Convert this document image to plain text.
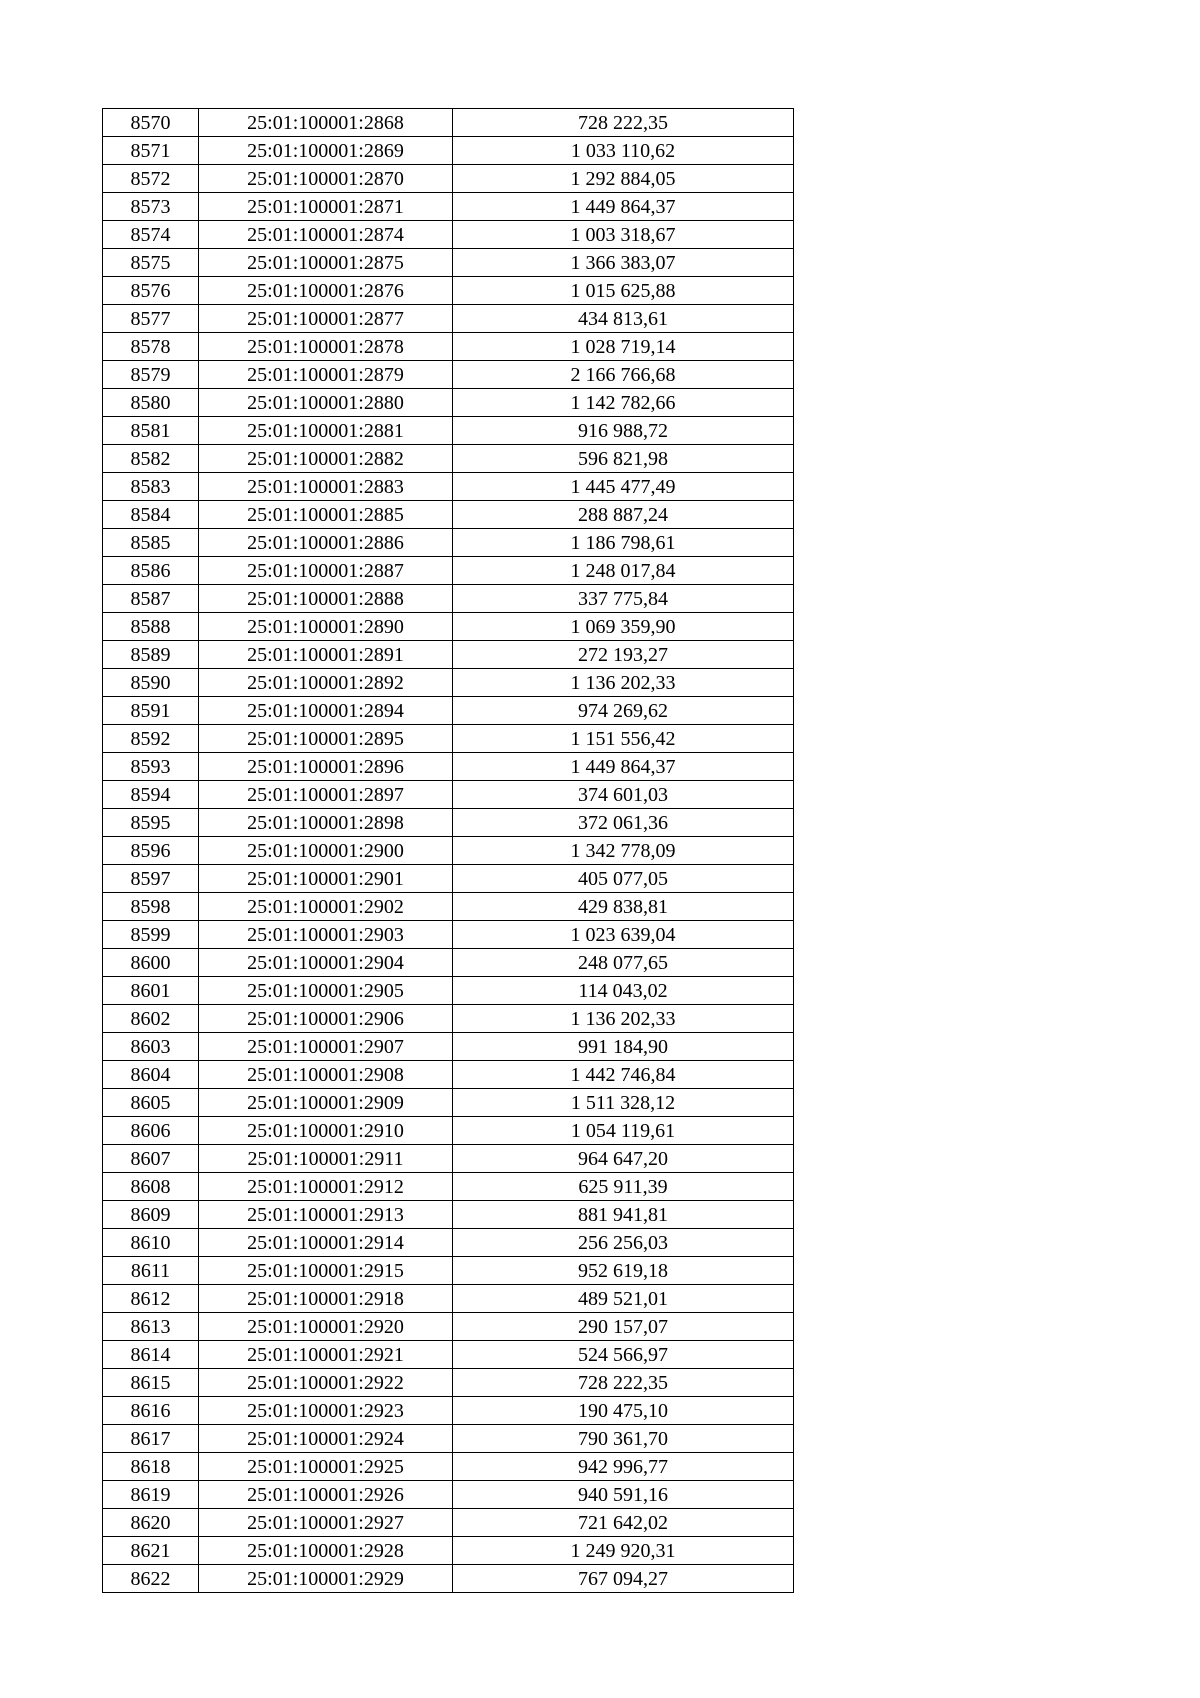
8570	25:01:100001:2868	728 222,35
8571	25:01:100001:2869	1 033 110,62
8572	25:01:100001:2870	1 292 884,05
8573	25:01:100001:2871	1 449 864,37
8574	25:01:100001:2874	1 003 318,67
8575	25:01:100001:2875	1 366 383,07
8576	25:01:100001:2876	1 015 625,88
8577	25:01:100001:2877	434 813,61
8578	25:01:100001:2878	1 028 719,14
8579	25:01:100001:2879	2 166 766,68
8580	25:01:100001:2880	1 142 782,66
8581	25:01:100001:2881	916 988,72
8582	25:01:100001:2882	596 821,98
8583	25:01:100001:2883	1 445 477,49
8584	25:01:100001:2885	288 887,24
8585	25:01:100001:2886	1 186 798,61
8586	25:01:100001:2887	1 248 017,84
8587	25:01:100001:2888	337 775,84
8588	25:01:100001:2890	1 069 359,90
8589	25:01:100001:2891	272 193,27
8590	25:01:100001:2892	1 136 202,33
8591	25:01:100001:2894	974 269,62
8592	25:01:100001:2895	1 151 556,42
8593	25:01:100001:2896	1 449 864,37
8594	25:01:100001:2897	374 601,03
8595	25:01:100001:2898	372 061,36
8596	25:01:100001:2900	1 342 778,09
8597	25:01:100001:2901	405 077,05
8598	25:01:100001:2902	429 838,81
8599	25:01:100001:2903	1 023 639,04
8600	25:01:100001:2904	248 077,65
8601	25:01:100001:2905	114 043,02
8602	25:01:100001:2906	1 136 202,33
8603	25:01:100001:2907	991 184,90
8604	25:01:100001:2908	1 442 746,84
8605	25:01:100001:2909	1 511 328,12
8606	25:01:100001:2910	1 054 119,61
8607	25:01:100001:2911	964 647,20
8608	25:01:100001:2912	625 911,39
8609	25:01:100001:2913	881 941,81
8610	25:01:100001:2914	256 256,03
8611	25:01:100001:2915	952 619,18
8612	25:01:100001:2918	489 521,01
8613	25:01:100001:2920	290 157,07
8614	25:01:100001:2921	524 566,97
8615	25:01:100001:2922	728 222,35
8616	25:01:100001:2923	190 475,10
8617	25:01:100001:2924	790 361,70
8618	25:01:100001:2925	942 996,77
8619	25:01:100001:2926	940 591,16
8620	25:01:100001:2927	721 642,02
8621	25:01:100001:2928	1 249 920,31
8622	25:01:100001:2929	767 094,27
